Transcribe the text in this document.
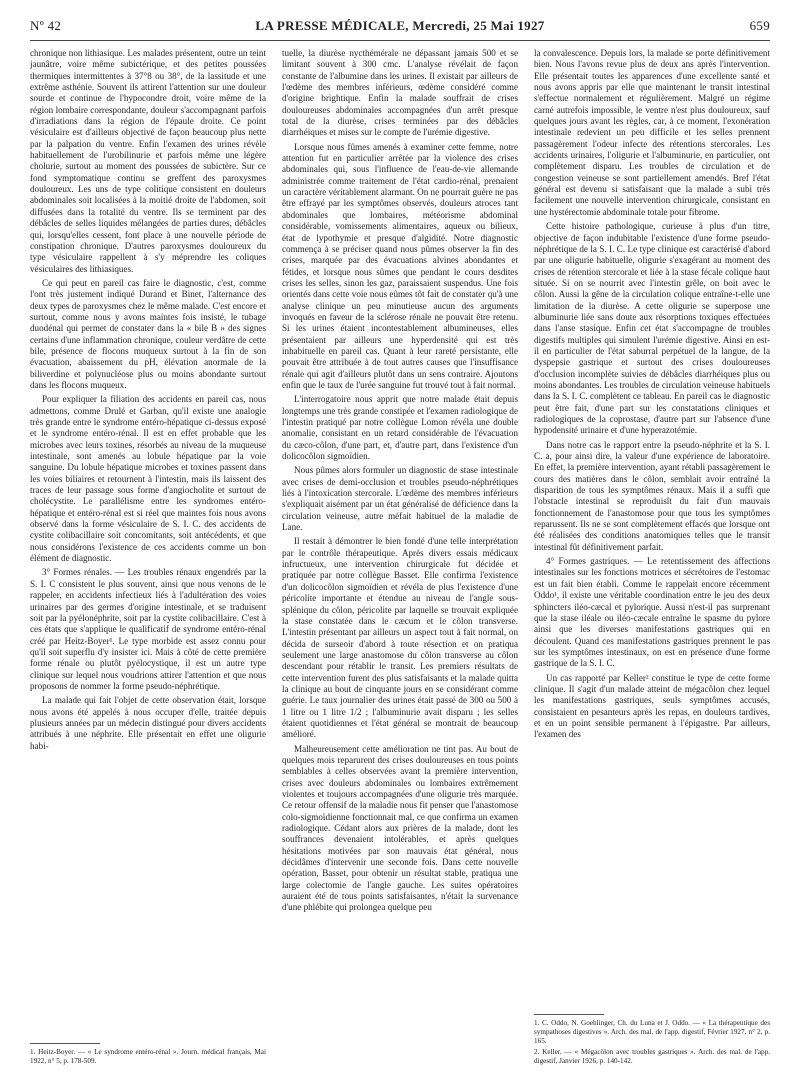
Nº 42	LA PRESSE MÉDICALE, Mercredi, 25 Mai 1927	659

chronique non lithiasique. Les malades présentent, outre un teint jaunâtre, voire même subictérique, et des petites poussées thermiques intermittentes à 37°8 ou 38°, de la lassitude et une extrême asthénie. Souvent ils attirent l'attention sur une douleur sourde et continue de l'hypocondre droit, voire même de la région lombaire correspondante, douleur s'accompagnant parfois d'irradiations dans la région de l'épaule droite. Ce point vésiculaire est d'ailleurs objectivé de façon beaucoup plus nette par la palpation du ventre. Enfin l'examen des urines révèle habituellement de l'urobilinurie et parfois même une légère cholurie, surtout au moment des poussées de subictère. Sur ce fond symptomatique continu se greffent des paroxysmes douloureux. Les uns de type colitique consistent en douleurs abdominales soit localisées à la moitié droite de l'abdomen, soit diffusées dans la totalité du ventre. Ils se terminent par des débâcles de selles liquides mélangées de parties dures, débâcles qui, lorsqu'elles cessent, font place à une nouvelle période de constipation chronique. D'autres paroxysmes douloureux du type vésiculaire rappellent à s'y méprendre les coliques vésiculaires des lithiasiques.

Ce qui peut en pareil cas faire le diagnostic, c'est, comme l'ont très justement indiqué Durand et Binet, l'alternance des deux types de paroxysmes chez le même malade. C'est encore et surtout, comme nous y avons maintes fois insisté, le tubage duodénal qui permet de constater dans la « bile B » des signes certains d'une inflammation chronique, couleur verdâtre de cette bile, présence de flocons muqueux surtout à la fin de son évacuation, abaissement du pH, élévation anormale de la biliverdine et polynucléose plus ou moins abondante surtout dans les flocons muqueux.

Pour expliquer la filiation des accidents en pareil cas, nous admettons, comme Drulé et Garban, qu'il existe une analogie très grande entre le syndrome entéro-hépatique ci-dessus exposé et le syndrome entéro-rénal. Il est en effet probable que les microbes avec leurs toxines, résorbés au niveau de la muqueuse intestinale, sont amenés au lobule hépatique par la voie sanguine. Du lobule hépatique microbes et toxines passent dans les voies biliaires et retournent à l'intestin, mais ils laissent des traces de leur passage sous forme d'angiocholite et surtout de cholécystite. Le parallélisme entre les syndromes entéro-hépatique et entéro-rénal est si réel que maintes fois nous avons observé dans la forme vésiculaire de S. I. C. des accidents de cystite colibacillaire soit concomitants, soit antécédents, et que nous considérons l'existence de ces accidents comme un bon élément de diagnostic.

3° Formes rénales. — Les troubles rénaux engendrés par la S. I. C consistent le plus souvent, ainsi que nous venons de le rappeler, en accidents infectieux liés à l'adultération des voies urinaires par des germes d'origine intestinale, et se traduisent soit par la pyélonéphrite, soit par la cystite colibacillaire. C'est à ces états que s'applique le qualificatif de syndrome entéro-rénal créé par Heitz-Boyer¹. Le type morbide est assez connu pour qu'il soit superflu d'y insister ici. Mais à côté de cette première forme rénale ou plutôt pyélocystique, il est un autre type clinique sur lequel nous voudrions attirer l'attention et que nous proposons de nommer la forme pseudo-néphrétique.

La malade qui fait l'objet de cette observation était, lorsque nous avons été appelés à nous occuper d'elle, traitée depuis plusieurs années par un médecin distingué pour divers accidents attribués à une néphrite. Elle présentait en effet une oligurie habi-

1. Heitz-Boyer. — « Le syndrome entéro-rénal ». Journ. médical français, Mai 1922, n° 5, p. 178-509.

tuelle, la diurèse nycthémérale ne dépassant jamais 500 et se limitant souvent à 300 cmc. L'analyse révélait de façon constante de l'albumine dans les urines. Il existait par ailleurs de l'œdème des membres inférieurs, œdème considéré comme d'origine brightique. Enfin la malade souffrait de crises douloureuses abdominales accompagnées d'un arrêt presque total de la diurèse, crises terminées par des débâcles diarrhéiques et mises sur le compte de l'urémie digestive.

Lorsque nous fûmes amenés à examiner cette femme, notre attention fut en particulier arrêtée par la violence des crises abdominales qui, sous l'influence de l'eau-de-vie allemande administrée comme traitement de l'état cardio-rénal, prenaient un caractère véritablement alarmant. On ne pourrait guère ne pas être effrayé par les symptômes observés, douleurs atroces tant abdominales que lombaires, météorisme abdominal considérable, vomissements alimentaires, aqueux ou bilieux, état de lypothymie et presque d'algidité. Notre diagnostic commença à se préciser quand nous pûmes observer la fin des crises, marquée par des évacuations alvines abondantes et fétides, et lorsque nous sûmes que pendant le cours desdites crises les selles, sinon les gaz, paraissaient suspendus. Une fois orientés dans cette voie nous eûmes tôt fait de constater qu'à une analyse clinique un peu minutieuse aucun des arguments invoqués en faveur de la sclérose rénale ne pouvait être retenu. Si les urines étaient incontestablement albumineuses, elles présentaient par ailleurs une hyperdensité qui est très inhabituelle en pareil cas. Quant à leur rareté persistante, elle pouvait être attribuée à de tout autres causes que l'insuffisance rénale qui agit d'ailleurs plutôt dans un sens contraire. Ajoutons enfin que le taux de l'urée sanguine fut trouvé tout à fait normal.

L'interrogatoire nous apprit que notre malade était depuis longtemps une très grande constipée et l'examen radiologique de l'intestin pratiqué par notre collègue Lomon révéla une double anomalie, consistant en un retard considérable de l'évacuation du cæco-côlon, d'une part, et, d'autre part, dans l'existence d'un dolicocôlon sigmoïdien.

Nous pûmes alors formuler un diagnostic de stase intestinale avec crises de demi-occlusion et troubles pseudo-néphrétiques liés à l'intoxication stercorale. L'œdème des membres inférieurs s'expliquait aisément par un état généralisé de déficience dans la circulation veineuse, autre méfait habituel de la maladie de Lane.

Il restait à démontrer le bien fondé d'une telle interprétation par le contrôle thérapeutique. Après divers essais médicaux infructueux, une intervention chirurgicale fut décidée et pratiquée par notre collègue Basset. Elle confirma l'existence d'un dolicocôlon sigmoïdien et révéla de plus l'existence d'une péricolite importante et étendue au niveau de l'angle sous-splénique du côlon, péricolite par laquelle se trouvait expliquée la stase constatée dans le cæcum et le côlon transverse. L'intestin présentant par ailleurs un aspect tout à fait normal, on décida de surseoir d'abord à toute résection et on pratiqua seulement une large anastomose du côlon transverse au côlon descendant pour rétablir le transit. Les premiers résultats de cette intervention furent des plus satisfaisants et la malade quitta la clinique au bout de cinquante jours en se considérant comme guérie. Le taux journalier des urines était passé de 300 ou 500 à 1 litre ou 1 litre 1/2 ; l'albuminurie avait disparu ; les selles étaient quotidiennes et l'état général se montrait de beaucoup amélioré.

Malheureusement cette amélioration ne tint pas. Au bout de quelques mois reparurent des crises douloureuses en tous points semblables à celles observées avant la première intervention, crises avec douleurs abdominales ou lombaires extrêmement violentes et toujours accompagnées d'une oligurie très marquée. Ce retour offensif de la maladie nous fit penser que l'anastomose colo-sigmoïdienne fonctionnait mal, ce que confirma un examen radiologique. Cédant alors aux prières de la malade, dont les souffrances devenaient intolérables, et après quelques hésitations motivées par son mauvais état général, nous décidâmes d'intervenir une seconde fois. Dans cette nouvelle opération, Basset, pour obtenir un résultat stable, pratiqua une large colectomie de l'angle gauche. Les suites opératoires auraient été de tous points satisfaisantes, n'était la survenance d'une phlébite qui prolongea quelque peu

la convalescence. Depuis lors, la malade se porte définitivement bien. Nous l'avons revue plus de deux ans après l'intervention. Elle présentait toutes les apparences d'une excellente santé et nous avons appris par elle que maintenant le transit intestinal s'effectue normalement et régulièrement. Malgré un régime carné autrefois impossible, le ventre n'est plus douloureux, sauf quelques jours avant les règles, car, à ce moment, l'exonération intestinale redevient un peu difficile et les selles prennent passagèrement l'odeur infecte des rétentions stercorales. Les accidents urinaires, l'oligurie et l'albuminurie, en particulier, ont complètement disparu. Les troubles de circulation et de congestion veineuse se sont partiellement amendés. Bref l'état général est devenu si satisfaisant que la malade a subi très facilement une nouvelle intervention chirurgicale, consistant en une hystérectomie abdominale totale pour fibrome.

Cette histoire pathologique, curieuse à plus d'un titre, objective de façon indubitable l'existence d'une forme pseudo-néphrétique de la S. I. C. Le type clinique est caractérisé d'abord par une oligurie habituelle, oligurie s'exagérant au moment des crises de rétention stercorale et liée à la stase fécale colique haut située. Si on se nourrit avec l'intestin grêle, on boit avec le côlon. Aussi la gêne de la circulation colique entraîne-t-elle une limitation de la diurèse. A cette oligurie se superpose une albuminurie liée sans doute aux résorptions toxiques effectuées dans l'anse stasique. Enfin cet état s'accompagne de troubles digestifs multiples qui simulent l'urémie digestive. Ainsi en est-il en particulier de l'état saburral perpétuel de la langue, de la dyspepsie gastrique et surtout des crises douloureuses d'occlusion incomplète suivies de débâcles diarrhéiques plus ou moins abondantes. Les troubles de circulation veineuse habituels dans la S. I. C. complètent ce tableau. En pareil cas le diagnostic peut être fait, d'une part sur les constatations cliniques et radiologiques de la coprostase, d'autre part sur l'absence d'une hypodensité urinaire et d'une hyperazotémie.

Dans notre cas le rapport entre la pseudo-néphrite et la S. I. C. a, pour ainsi dire, la valeur d'une expérience de laboratoire. En effet, la première intervention, ayant rétabli passagèrement le cours des matières dans le côlon, semblait avoir entraîné la disparition de tous les symptômes rénaux. Mais il a suffi que l'obstacle intestinal se reproduisît du fait d'un mauvais fonctionnement de l'anastomose pour que tous les symptômes reparussent. Ils ne se sont complètement effacés que lorsque ont été réalisées des conditions anatomiques telles que le transit intestinal fût définitivement parfait.

4° Formes gastriques. — Le retentissement des affections intestinales sur les fonctions motrices et sécrétoires de l'estomac est un fait bien établi. Comme le rappelait encore récemment Oddo¹, il existe une véritable coordination entre le jeu des deux sphincters iléo-cæcal et pylorique. Aussi n'est-il pas surprenant que la stase iléale ou iléo-cæcale entraîne le spasme du pylore ainsi que les diverses manifestations gastriques qui en découlent. Quand ces manifestations gastriques prennent le pas sur les symptômes intestinaux, on est en présence d'une forme gastrique de la S. I. C.

Un cas rapporté par Keller² constitue le type de cette forme clinique. Il s'agit d'un malade atteint de mégacôlon chez lequel les manifestations gastriques, seuls symptômes accusés, consistaient en pesanteurs après les repas, en douleurs tardives, et en un point sensible permanent à l'épigastre. Par ailleurs, l'examen des

1. C. Oddo, N. Goehlinger, Ch. du Luna et J. Oddo. — « La thérapeutique des sympathoses digestives ». Arch. des mal. de l'app. digestif, Février 1927, n° 2, p. 165.

2. Keller. — « Mégacôlon avec troubles gastriques ». Arch. des mal. de l'app. digestif, Janvier 1926, p. 140-142.
